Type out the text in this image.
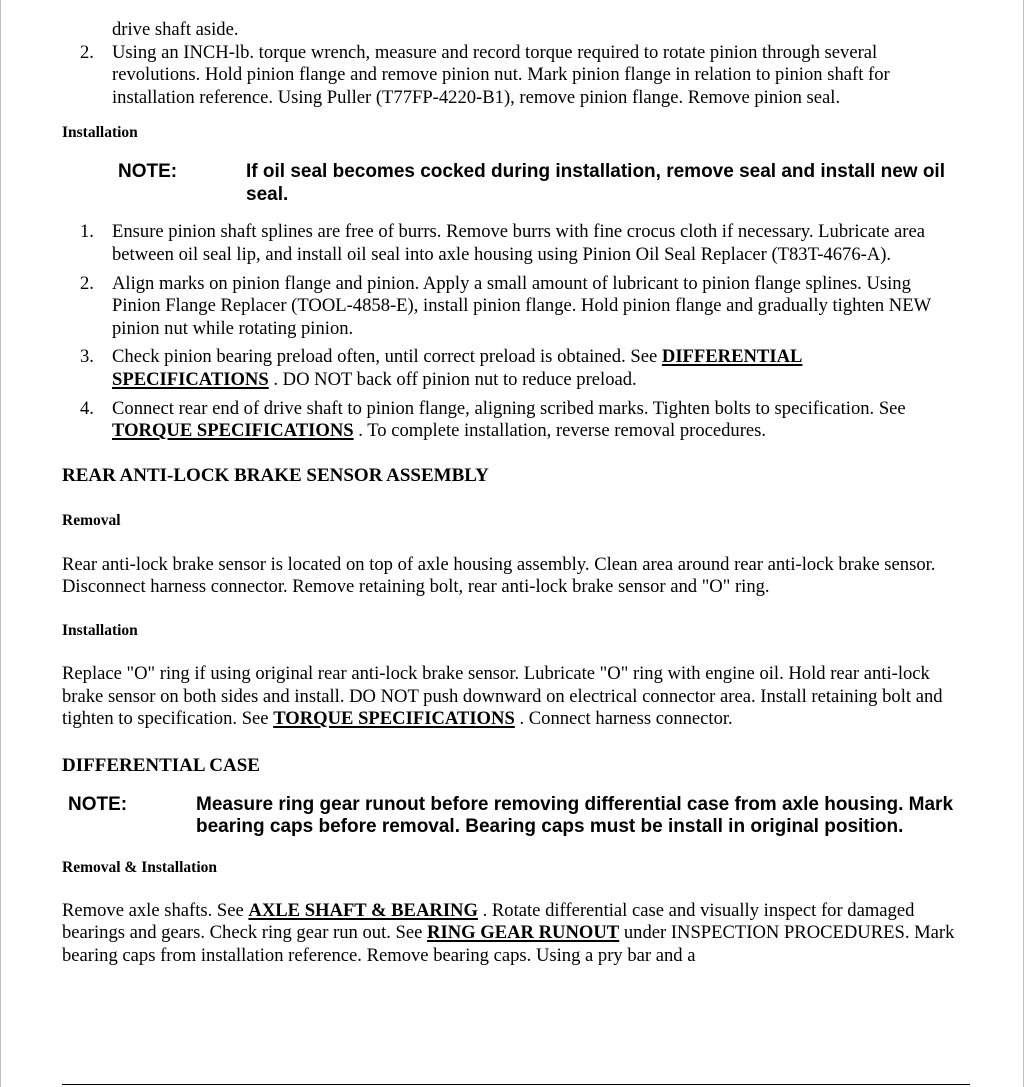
drive shaft aside.
2. Using an INCH-lb. torque wrench, measure and record torque required to rotate pinion through several revolutions. Hold pinion flange and remove pinion nut. Mark pinion flange in relation to pinion shaft for installation reference. Using Puller (T77FP-4220-B1), remove pinion flange. Remove pinion seal.
Installation
NOTE:	If oil seal becomes cocked during installation, remove seal and install new oil seal.
1. Ensure pinion shaft splines are free of burrs. Remove burrs with fine crocus cloth if necessary. Lubricate area between oil seal lip, and install oil seal into axle housing using Pinion Oil Seal Replacer (T83T-4676-A).
2. Align marks on pinion flange and pinion. Apply a small amount of lubricant to pinion flange splines. Using Pinion Flange Replacer (TOOL-4858-E), install pinion flange. Hold pinion flange and gradually tighten NEW pinion nut while rotating pinion.
3. Check pinion bearing preload often, until correct preload is obtained. See DIFFERENTIAL SPECIFICATIONS . DO NOT back off pinion nut to reduce preload.
4. Connect rear end of drive shaft to pinion flange, aligning scribed marks. Tighten bolts to specification. See TORQUE SPECIFICATIONS . To complete installation, reverse removal procedures.
REAR ANTI-LOCK BRAKE SENSOR ASSEMBLY
Removal
Rear anti-lock brake sensor is located on top of axle housing assembly. Clean area around rear anti-lock brake sensor. Disconnect harness connector. Remove retaining bolt, rear anti-lock brake sensor and "O" ring.
Installation
Replace "O" ring if using original rear anti-lock brake sensor. Lubricate "O" ring with engine oil. Hold rear anti-lock brake sensor on both sides and install. DO NOT push downward on electrical connector area. Install retaining bolt and tighten to specification. See TORQUE SPECIFICATIONS . Connect harness connector.
DIFFERENTIAL CASE
NOTE:	Measure ring gear runout before removing differential case from axle housing. Mark bearing caps before removal. Bearing caps must be install in original position.
Removal & Installation
Remove axle shafts. See AXLE SHAFT & BEARING . Rotate differential case and visually inspect for damaged bearings and gears. Check ring gear run out. See RING GEAR RUNOUT under INSPECTION PROCEDURES. Mark bearing caps from installation reference. Remove bearing caps. Using a pry bar and a
